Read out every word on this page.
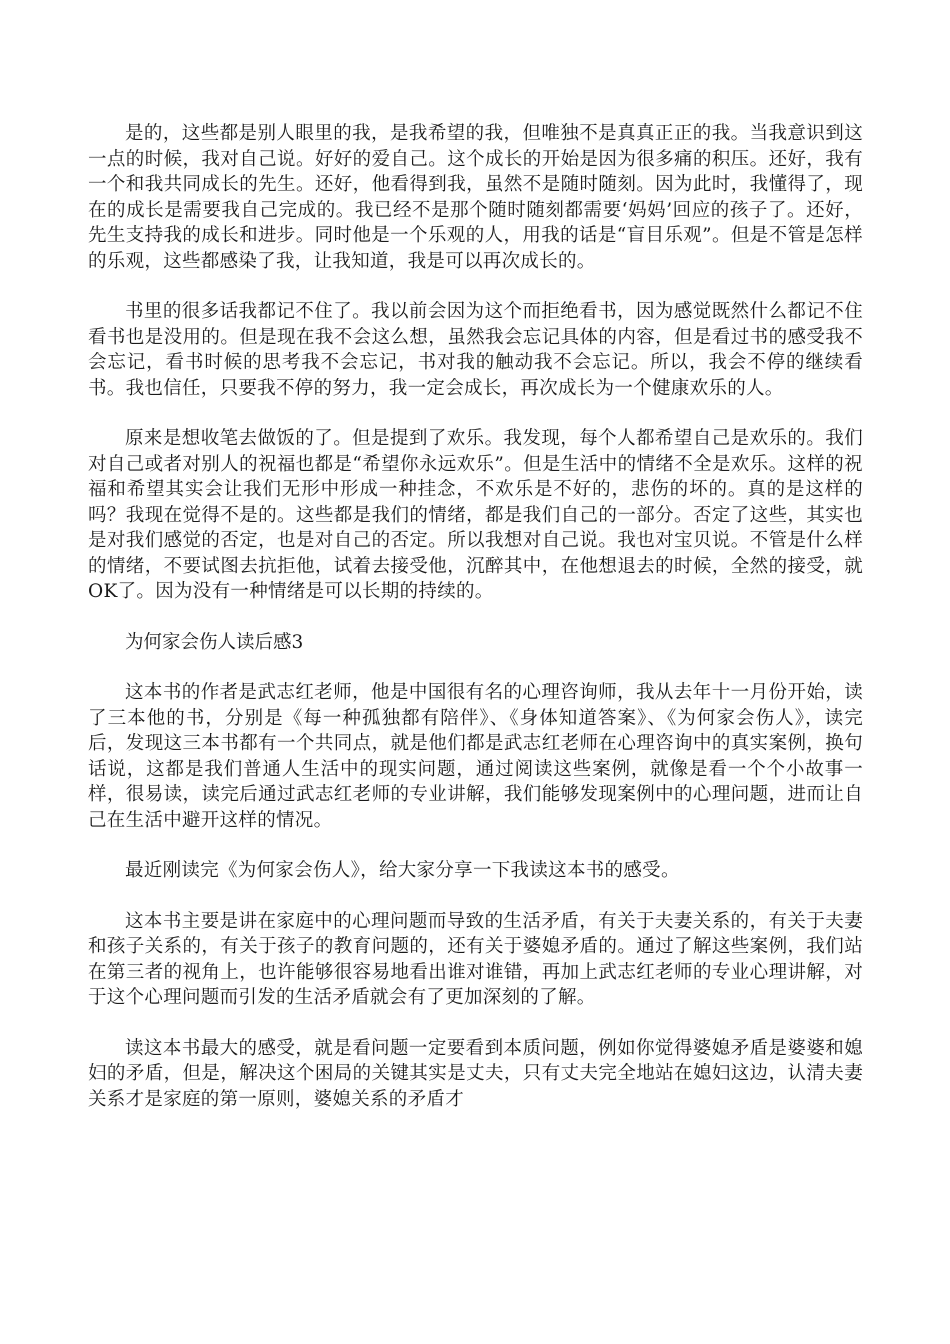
是的，这些都是别人眼里的我，是我希望的我，但唯独不是真真正正的我。当我意识到这一点的时候，我对自己说。好好的爱自己。这个成长的开始是因为很多痛的积压。还好，我有一个和我共同成长的先生。还好，他看得到我，虽然不是随时随刻。因为此时，我懂得了，现在的成长是需要我自己完成的。我已经不是那个随时随刻都需要‘妈妈’回应的孩子了。还好，先生支持我的成长和进步。同时他是一个乐观的人，用我的话是“盲目乐观”。但是不管是怎样的乐观，这些都感染了我，让我知道，我是可以再次成长的。

书里的很多话我都记不住了。我以前会因为这个而拒绝看书，因为感觉既然什么都记不住看书也是没用的。但是现在我不会这么想，虽然我会忘记具体的内容，但是看过书的感受我不会忘记，看书时候的思考我不会忘记，书对我的触动我不会忘记。所以，我会不停的继续看书。我也信任，只要我不停的努力，我一定会成长，再次成长为一个健康欢乐的人。

原来是想收笔去做饭的了。但是提到了欢乐。我发现，每个人都希望自己是欢乐的。我们对自己或者对别人的祝福也都是“希望你永远欢乐”。但是生活中的情绪不全是欢乐。这样的祝福和希望其实会让我们无形中形成一种挂念，不欢乐是不好的，悲伤的坏的。真的是这样的吗？我现在觉得不是的。这些都是我们的情绪，都是我们自己的一部分。否定了这些，其实也是对我们感觉的否定，也是对自己的否定。所以我想对自己说。我也对宝贝说。不管是什么样的情绪，不要试图去抗拒他，试着去接受他，沉醉其中，在他想退去的时候，全然的接受，就OK了。因为没有一种情绪是可以长期的持续的。

为何家会伤人读后感3

这本书的作者是武志红老师，他是中国很有名的心理咨询师，我从去年十一月份开始，读了三本他的书，分别是《每一种孤独都有陪伴》、《身体知道答案》、《为何家会伤人》，读完后，发现这三本书都有一个共同点，就是他们都是武志红老师在心理咨询中的真实案例，换句话说，这都是我们普通人生活中的现实问题，通过阅读这些案例，就像是看一个个小故事一样，很易读，读完后通过武志红老师的专业讲解，我们能够发现案例中的心理问题，进而让自己在生活中避开这样的情况。

最近刚读完《为何家会伤人》，给大家分享一下我读这本书的感受。

这本书主要是讲在家庭中的心理问题而导致的生活矛盾，有关于夫妻关系的，有关于夫妻和孩子关系的，有关于孩子的教育问题的，还有关于婆媳矛盾的。通过了解这些案例，我们站在第三者的视角上，也许能够很容易地看出谁对谁错，再加上武志红老师的专业心理讲解，对于这个心理问题而引发的生活矛盾就会有了更加深刻的了解。

读这本书最大的感受，就是看问题一定要看到本质问题，例如你觉得婆媳矛盾是婆婆和媳妇的矛盾，但是，解决这个困局的关键其实是丈夫，只有丈夫完全地站在媳妇这边，认清夫妻关系才是家庭的第一原则，婆媳关系的矛盾才
